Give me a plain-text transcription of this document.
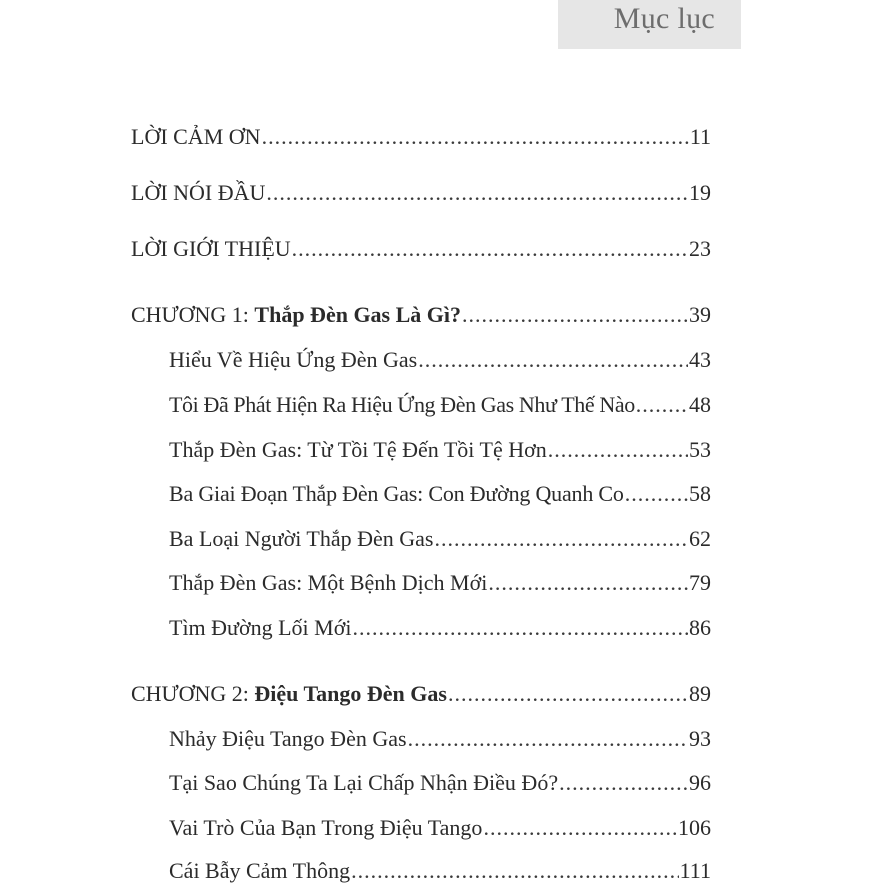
Mục lục
LỜI CẢM ƠN .....	11
LỜI NÓI ĐẦU .....	19
LỜI GIỚI THIỆU .....	23
CHƯƠNG 1: Thắp Đèn Gas Là Gì? .....	39
Hiểu Về Hiệu Ứng Đèn Gas .....	43
Tôi Đã Phát Hiện Ra Hiệu Ứng Đèn Gas Như Thế Nào ..... 48
Thắp Đèn Gas: Từ Tồi Tệ Đến Tồi Tệ Hơn .....	53
Ba Giai Đoạn Thắp Đèn Gas: Con Đường Quanh Co .....	58
Ba Loại Người Thắp Đèn Gas .....	62
Thắp Đèn Gas: Một Bệnh Dịch Mới .....	79
Tìm Đường Lối Mới .....	86
CHƯƠNG 2: Điệu Tango Đèn Gas .....	89
Nhảy Điệu Tango Đèn Gas .....	93
Tại Sao Chúng Ta Lại Chấp Nhận Điều Đó? .....	96
Vai Trò Của Bạn Trong Điệu Tango .....	106
Cái Bẫy Cảm Thông .....	111
